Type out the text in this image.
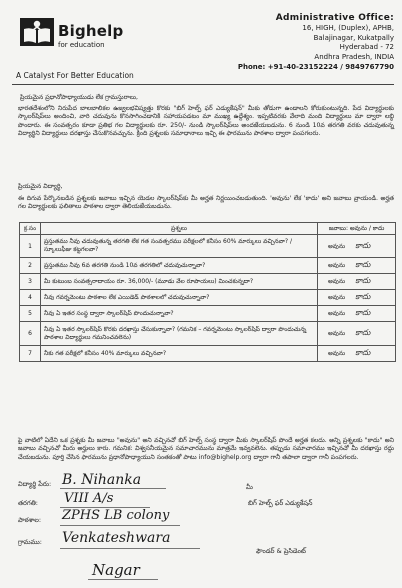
Bighelp
for education
A Catalyst For Better Education
Administrative Office:
16, HIGH, (Duplex), APHB,
Balajinagar, Kukatpally
Hyderabad - 72
Andhra Pradesh, INDIA
Phone: +91-40-23152224 / 9849767790
ప్రియమైన ప్రధానోపాధ్యాయుడు లేక గ్రామస్తురాలు,
భారతదేశంలోని నిరుపేద బాలబాలికల ఉజ్వలభవిష్యత్తు కొరకు "బిగ్ హెల్ప్ ఫర్ ఎడ్యుకేషన్" మీకు తోడుగా ఉండాలని కోరుకుంటున్నది. పేద విద్యార్థులకు స్కాలర్‌షిప్‌లు అందించి, వారి చదువును కొనసాగించడానికి సహాయపడటం మా ముఖ్య ఉద్దేశ్యం. ఇప్పటివరకు వేలాది మంది విద్యార్థులు మా ద్వారా లబ్ధి పొందారు. ఈ సంవత్సరం కూడా ప్రతిభ గల విద్యార్థులకు రూ. 250/- నుండి స్కాలర్‌షిప్‌లు అందజేయబడును. 6 నుండి 10వ తరగతి వరకు చదువుతున్న విద్యార్థిని విద్యార్థులు దరఖాస్తు చేసుకొనవచ్చును. క్రింది ప్రశ్నలకు సమాధానాలు ఇచ్చి ఈ ఫారమును పాఠశాల ద్వారా పంపగలరు.
ప్రియమైన విద్యార్థి,
ఈ దిగువ పేర్కొనబడిన ప్రశ్నలకు జవాబు ఇచ్చిన యెడల స్కాలర్‌షిప్‌కు మీ అర్హత నిర్ణయించబడుతుంది. 'అవును' లేక 'కాదు' అని జవాబు వ్రాయండి. అర్హత గల విద్యార్థులకు ఫలితాలు పాఠశాల ద్వారా తెలియజేయబడును.
క్ర.సం	ప్రశ్నలు	జవాబు: అవును / కాదు
1	ప్రస్తుతము నీవు చదువుతున్న తరగతి లేక గత సంవత్సరము పరీక్షలలో కనీసం 60% మార్కులు వచ్చినవా? / స్కూలుఫీజు కట్టగలవా?	అవును కాదు
2	ప్రస్తుతము నీవు 6వ తరగతి నుండి 10వ తరగతిలో చదువుచున్నావా?	అవును కాదు
3	మీ కుటుంబ సంవత్సరాదాయం రూ. 36,000/- (మూడు వేల రూపాయలు) మించకున్నదా?	అవును కాదు
4	నీవు గవర్నమెంటు పాఠశాల లేక ఎయిడెడ్ పాఠశాలలో చదువుచున్నావా?	అవును కాదు
5	నీవు ఏ ఇతర సంస్థ ద్వారా స్కాలర్‌షిప్ పొందుచున్నావా?	అవును కాదు
6	నీవు ఏ ఇతర స్కాలర్‌షిప్ కొరకు దరఖాస్తు చేసుకున్నావా? (గమనిక – గవర్నమెంటు స్కాలర్‌షిప్ ద్వారా పొందుచున్న పాఠశాల విద్యార్థులు గమనించవలెను)	అవును కాదు
7	నీకు గత పరీక్షలో కనీసం 40% మార్కులు వచ్చినవా?	అవును కాదు
పై వాటిలో ఏదేని ఒక ప్రశ్నకు మీ జవాబు "అవును" అని వచ్చినచో బిగ్ హెల్ప్ సంస్థ ద్వారా మీకు స్కాలర్‌షిప్ పొందే అర్హత కలదు. అన్ని ప్రశ్నలకు "కాదు" అని జవాబు వచ్చినచో మీరు అర్హులు కారు. గమనిక: విశ్వసనీయమైన సమాచారమును మాత్రమే ఇవ్వవలెను. తప్పుడు సమాచారము ఇచ్చినచో మీ దరఖాస్తు రద్దు చేయబడును. పూర్తి చేసిన ఫారమును ప్రధానోపాధ్యాయుని సంతకంతో పాటు info@bighelp.org ద్వారా గానీ తపాలా ద్వారా గానీ పంపగలరు.
విద్యార్థి పేరు: B. Nihanka
తరగతి: VIII A/s
పాఠశాల: ZPHS LB colony
గ్రామము: Venkateshwara
Nagar
మీ
బిగ్ హెల్ప్ ఫర్ ఎడ్యుకేషన్
ఫౌండర్ & ప్రెసిడెంట్
